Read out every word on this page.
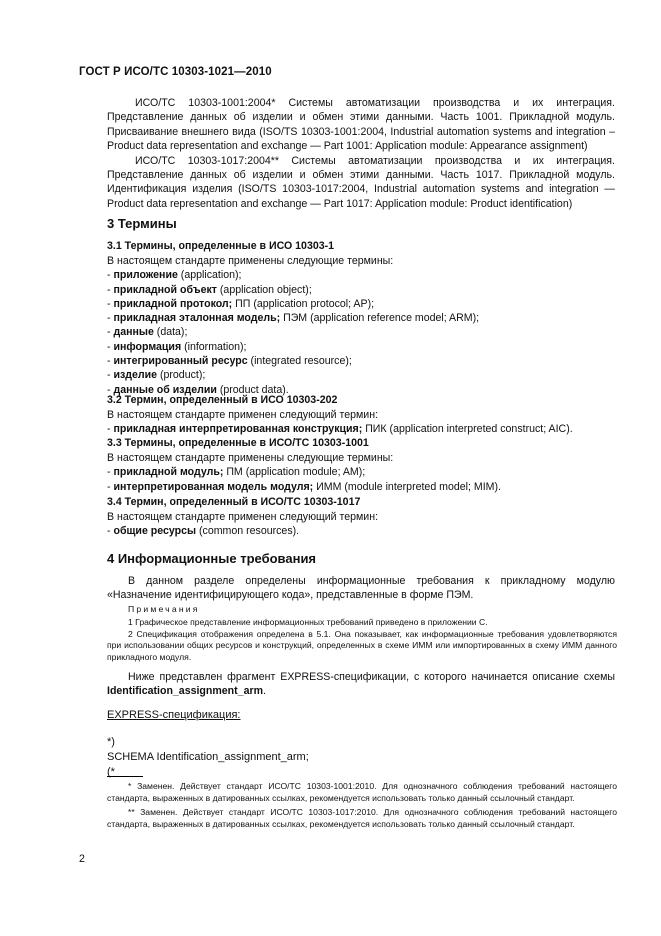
ГОСТ Р ИСО/ТС 10303-1021—2010

ИСО/ТС 10303-1001:2004* Системы автоматизации производства и их интеграция. Представление данных об изделии и обмен этими данными. Часть 1001. Прикладной модуль. Присваивание внешнего вида (ISO/TS 10303-1001:2004, Industrial automation systems and integration – Product data representation and exchange — Part 1001: Application module: Appearance assignment)

ИСО/ТС 10303-1017:2004** Системы автоматизации производства и их интеграция. Представление данных об изделии и обмен этими данными. Часть 1017. Прикладной модуль. Идентификация изделия (ISO/TS 10303-1017:2004, Industrial automation systems and integration — Product data representation and exchange — Part 1017: Application module: Product identification)

3 Термины
3.1 Термины, определенные в ИСО 10303-1
В настоящем стандарте применены следующие термины:
- приложение (application);
- прикладной объект (application object);
- прикладной протокол; ПП (application protocol; AP);
- прикладная эталонная модель; ПЭМ (application reference model; ARM);
- данные (data);
- информация (information);
- интегрированный ресурс (integrated resource);
- изделие (product);
- данные об изделии (product data).
3.2 Термин, определенный в ИСО 10303-202
В настоящем стандарте применен следующий термин:
- прикладная интерпретированная конструкция; ПИК (application interpreted construct; AIC).
3.3 Термины, определенные в ИСО/ТС 10303-1001
В настоящем стандарте применены следующие термины:
- прикладной модуль; ПМ (application module; AM);
- интерпретированная модель модуля; ИММ (module interpreted model; MIM).
3.4 Термин, определенный в ИСО/ТС 10303-1017
В настоящем стандарте применен следующий термин:
- общие ресурсы (common resources).
4 Информационные требования

В данном разделе определены информационные требования к прикладному модулю «Назначение идентифицирующего кода», представленные в форме ПЭМ.

Примечания

1 Графическое представление информационных требований приведено в приложении С.

2 Спецификация отображения определена в 5.1. Она показывает, как информационные требования удовлетворяются при использовании общих ресурсов и конструкций, определенных в схеме ИММ или импортированных в схему ИММ данного прикладного модуля.

Ниже представлен фрагмент EXPRESS-спецификации, с которого начинается описание схемы Identification_assignment_arm.

EXPRESS-спецификация:
*)
SCHEMA Identification_assignment_arm;
(*

* Заменен. Действует стандарт ИСО/ТС 10303-1001:2010. Для однозначного соблюдения требований настоящего стандарта, выраженных в датированных ссылках, рекомендуется использовать только данный ссылочный стандарт.

** Заменен. Действует стандарт ИСО/ТС 10303-1017:2010. Для однозначного соблюдения требований настоящего стандарта, выраженных в датированных ссылках, рекомендуется использовать только данный ссылочный стандарт.

2
